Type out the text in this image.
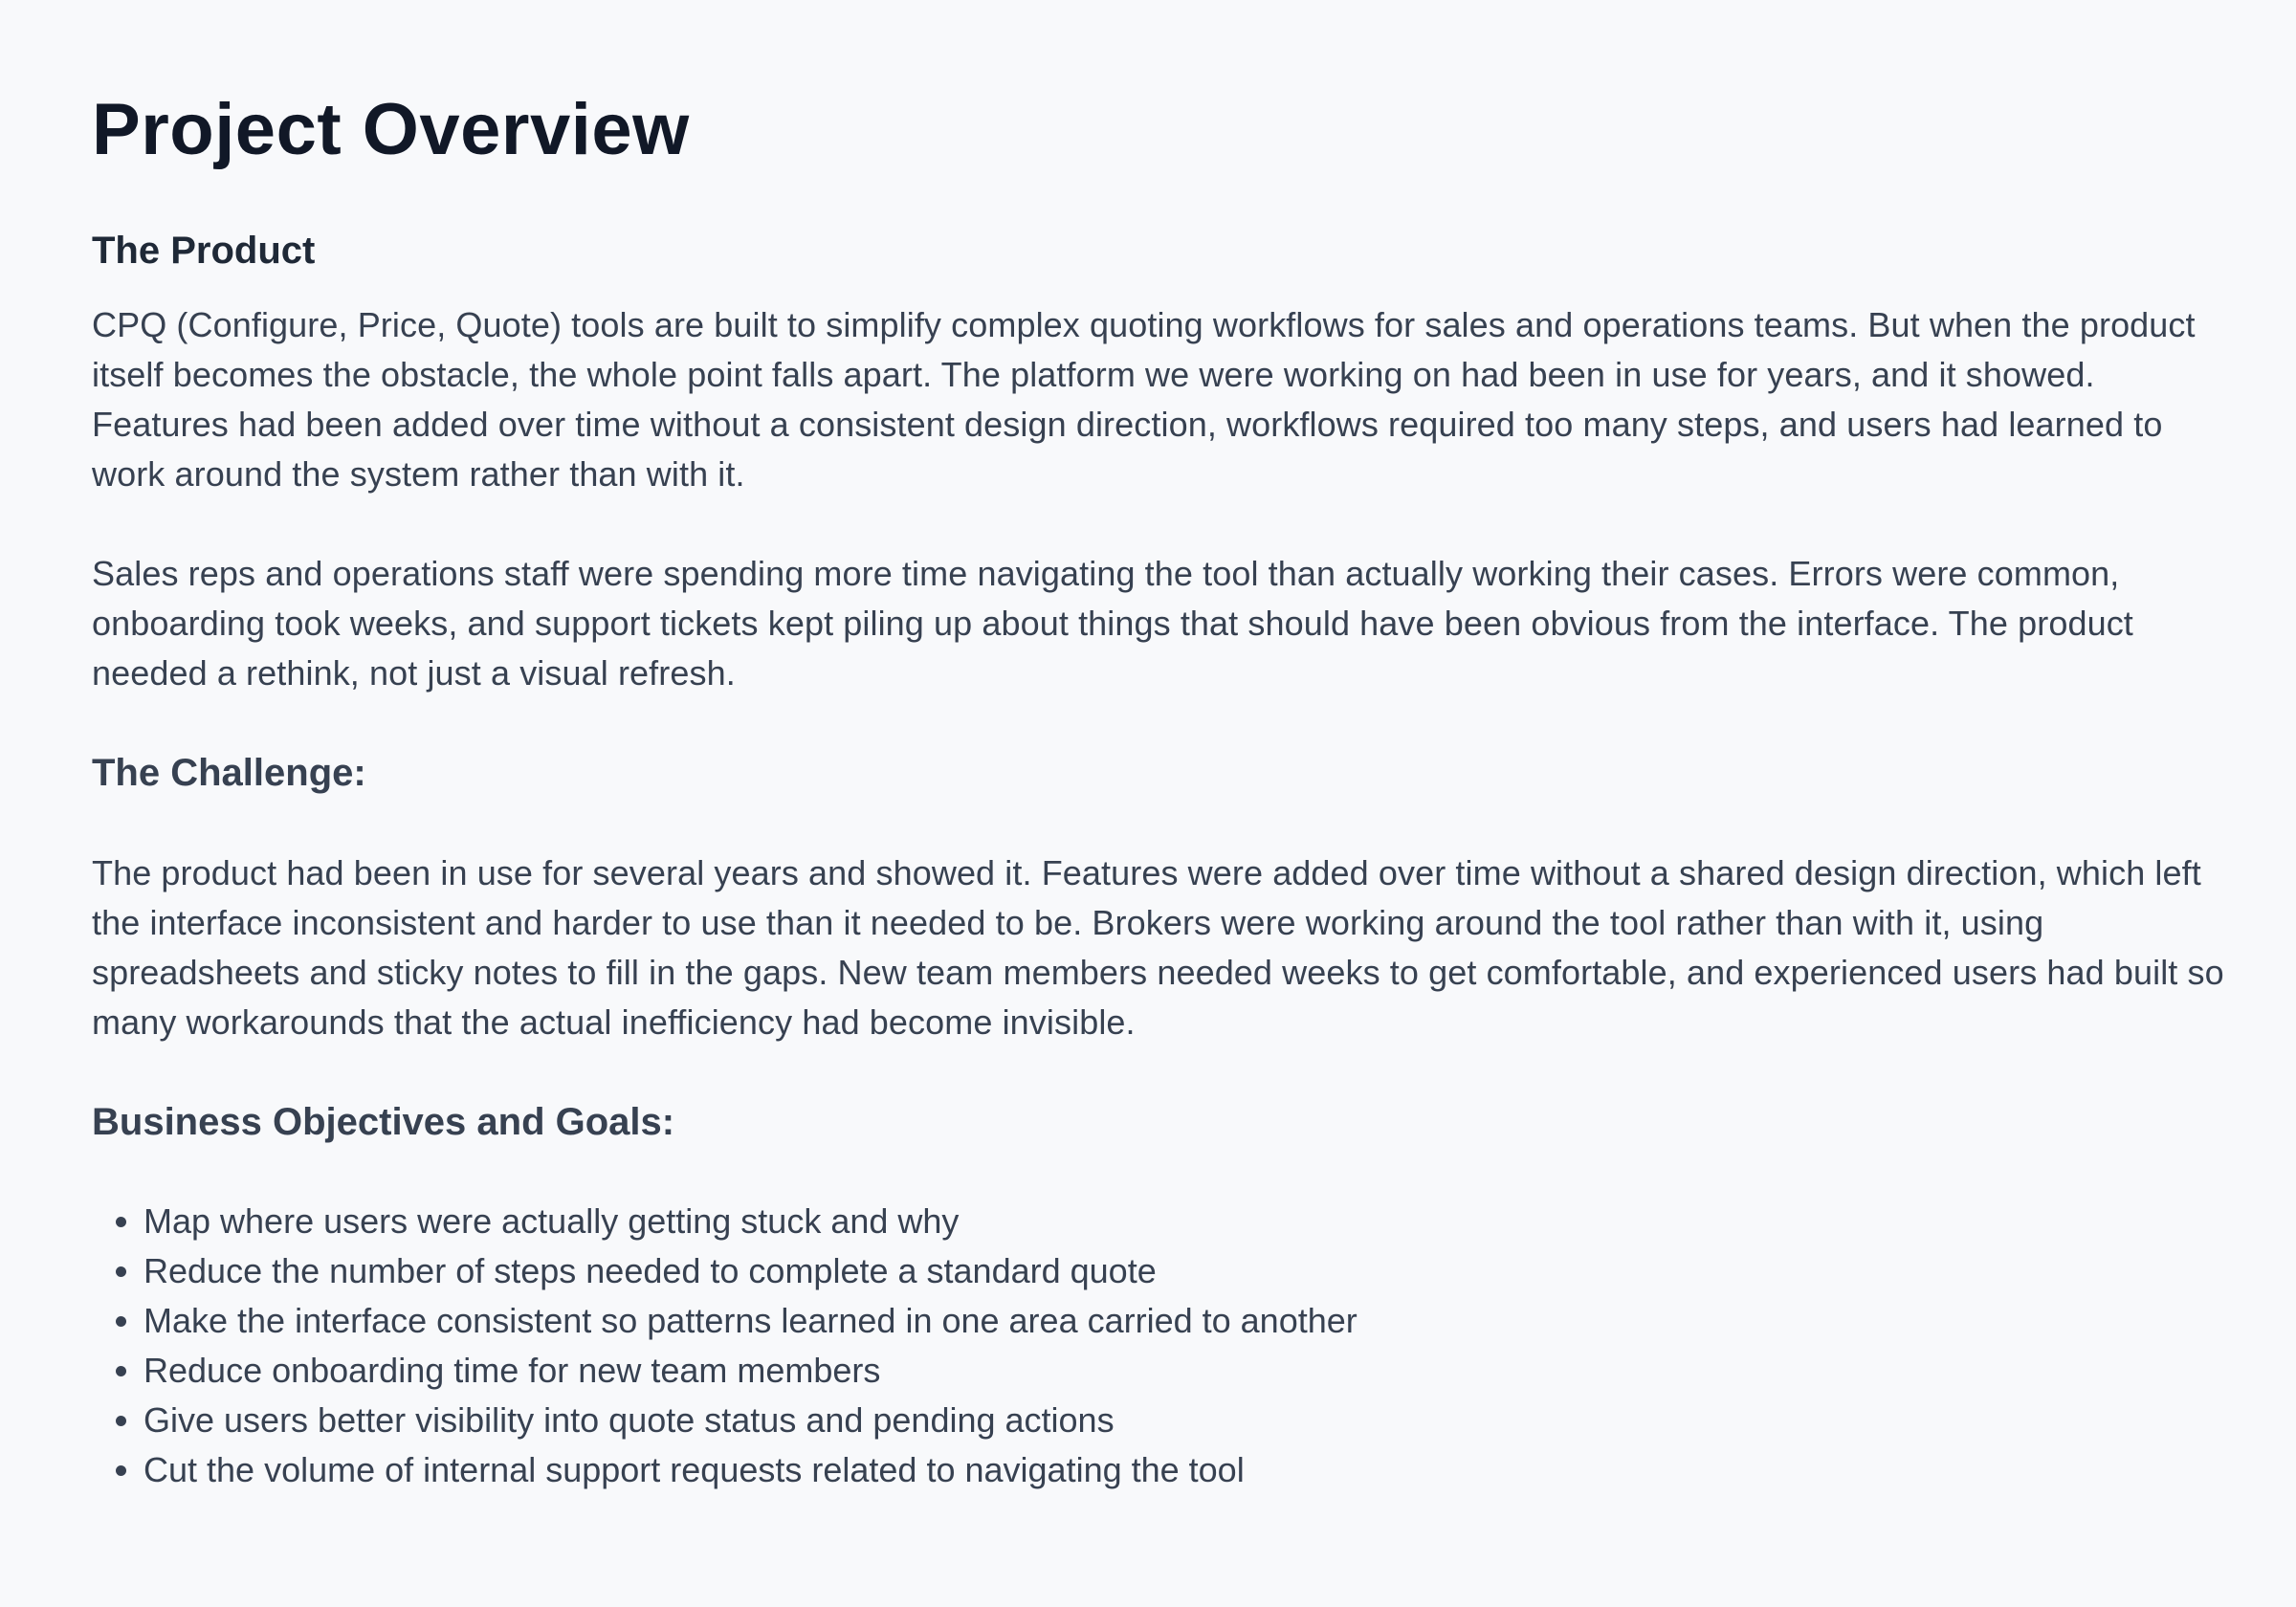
Project Overview
The Product

CPQ (Configure, Price, Quote) tools are built to simplify complex quoting workflows for sales and operations teams. But when the product itself becomes the obstacle, the whole point falls apart. The platform we were working on had been in use for years, and it showed. Features had been added over time without a consistent design direction, workflows required too many steps, and users had learned to work around the system rather than with it.

Sales reps and operations staff were spending more time navigating the tool than actually working their cases. Errors were common, onboarding took weeks, and support tickets kept piling up about things that should have been obvious from the interface. The product needed a rethink, not just a visual refresh.

The Challenge:

The product had been in use for several years and showed it. Features were added over time without a shared design direction, which left the interface inconsistent and harder to use than it needed to be. Brokers were working around the tool rather than with it, using spreadsheets and sticky notes to fill in the gaps. New team members needed weeks to get comfortable, and experienced users had built so many workarounds that the actual inefficiency had become invisible.

Business Objectives and Goals:
• Map where users were actually getting stuck and why
• Reduce the number of steps needed to complete a standard quote
• Make the interface consistent so patterns learned in one area carried to another
• Reduce onboarding time for new team members
• Give users better visibility into quote status and pending actions
• Cut the volume of internal support requests related to navigating the tool
